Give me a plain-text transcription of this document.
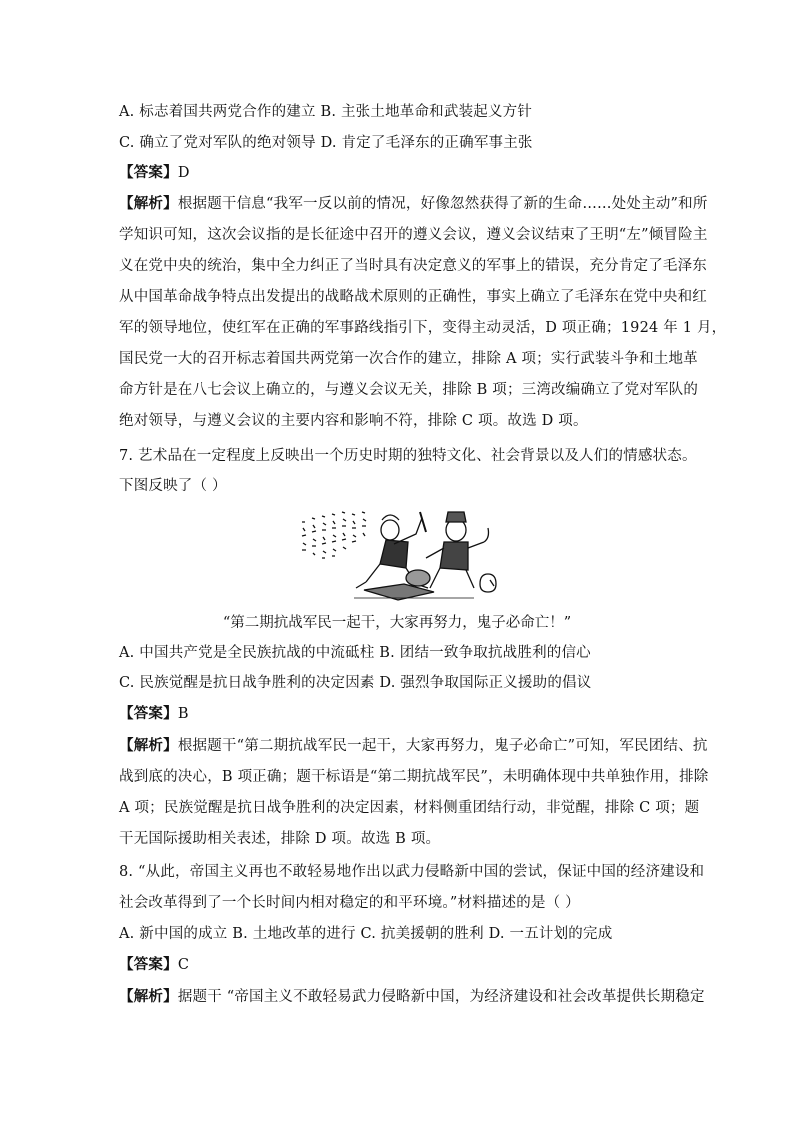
A. 标志着国共两党合作的建立 B. 主张土地革命和武装起义方针
C. 确立了党对军队的绝对领导 D. 肯定了毛泽东的正确军事主张
【答案】D
【解析】根据题干信息“我军一反以前的情况，好像忽然获得了新的生命……处处主动”和所
学知识可知，这次会议指的是长征途中召开的遵义会议，遵义会议结束了王明“左”倾冒险主
义在党中央的统治，集中全力纠正了当时具有决定意义的军事上的错误，充分肯定了毛泽东
从中国革命战争特点出发提出的战略战术原则的正确性，事实上确立了毛泽东在党中央和红
军的领导地位，使红军在正确的军事路线指引下，变得主动灵活，D 项正确；1924 年 1 月，
国民党一大的召开标志着国共两党第一次合作的建立，排除 A 项；实行武装斗争和土地革
命方针是在八七会议上确立的，与遵义会议无关，排除 B 项；三湾改编确立了党对军队的
绝对领导，与遵义会议的主要内容和影响不符，排除 C 项。故选 D 项。
7. 艺术品在一定程度上反映出一个历史时期的独特文化、社会背景以及人们的情感状态。
下图反映了（ ）
“第二期抗战军民一起干，大家再努力，鬼子必命亡！”
A. 中国共产党是全民族抗战的中流砥柱 B. 团结一致争取抗战胜利的信心
C. 民族觉醒是抗日战争胜利的决定因素 D. 强烈争取国际正义援助的倡议
【答案】B
【解析】根据题干“第二期抗战军民一起干，大家再努力，鬼子必命亡”可知，军民团结、抗
战到底的决心，B 项正确；题干标语是“第二期抗战军民”，未明确体现中共单独作用，排除
A 项；民族觉醒是抗日战争胜利的决定因素，材料侧重团结行动，非觉醒，排除 C 项；题
干无国际援助相关表述，排除 D 项。故选 B 项。
8. “从此，帝国主义再也不敢轻易地作出以武力侵略新中国的尝试，保证中国的经济建设和
社会改革得到了一个长时间内相对稳定的和平环境。”材料描述的是（ ）
A. 新中国的成立 B. 土地改革的进行 C. 抗美援朝的胜利 D. 一五计划的完成
【答案】C
【解析】据题干 “帝国主义不敢轻易武力侵略新中国，为经济建设和社会改革提供长期稳定
